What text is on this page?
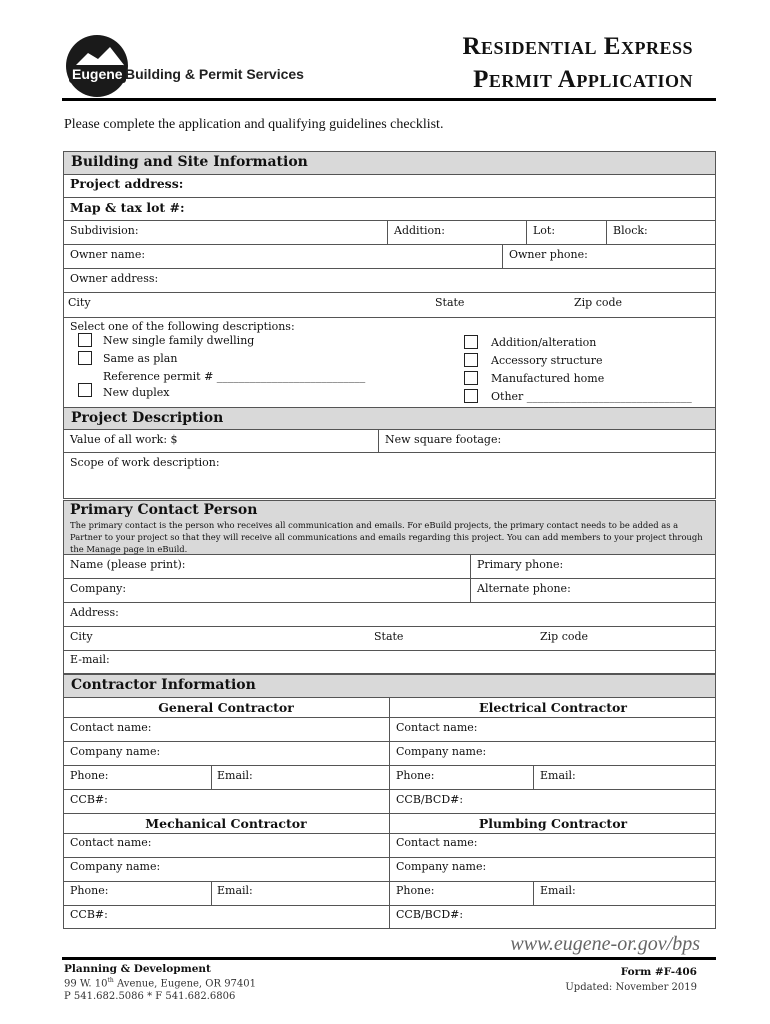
Eugene Building & Permit Services
Residential Express
Permit Application
Please complete the application and qualifying guidelines checklist.
Building and Site Information
Project address:
Map & tax lot #:
Subdivision:	Addition:	Lot:	Block:
Owner name:	Owner phone:
Owner address:
City	State	Zip code
Select one of the following descriptions:
New single family dwelling
Same as plan
Reference permit # ___________________________
New duplex
Addition/alteration
Accessory structure
Manufactured home
Other ______________________________
Project Description
Value of all work: $	New square footage:
Scope of work description:
Primary Contact Person
The primary contact is the person who receives all communication and emails. For eBuild projects, the primary contact needs to be added as a Partner to your project so that they will receive all communications and emails regarding this project. You can add members to your project through the Manage page in eBuild.
Name (please print):	Primary phone:
Company:	Alternate phone:
Address:
City	State	Zip code
E-mail:
Contractor Information
General Contractor	Electrical Contractor
Contact name:	Contact name:
Company name:	Company name:
Phone:	Email:	Phone:	Email:
CCB#:	CCB/BCD#:
Mechanical Contractor	Plumbing Contractor
Contact name:	Contact name:
Company name:	Company name:
Phone:	Email:	Phone:	Email:
CCB#:	CCB/BCD#:
www.eugene-or.gov/bps
Planning & Development
99 W. 10th Avenue, Eugene, OR 97401
P 541.682.5086 * F 541.682.6806
Form #F-406
Updated: November 2019
